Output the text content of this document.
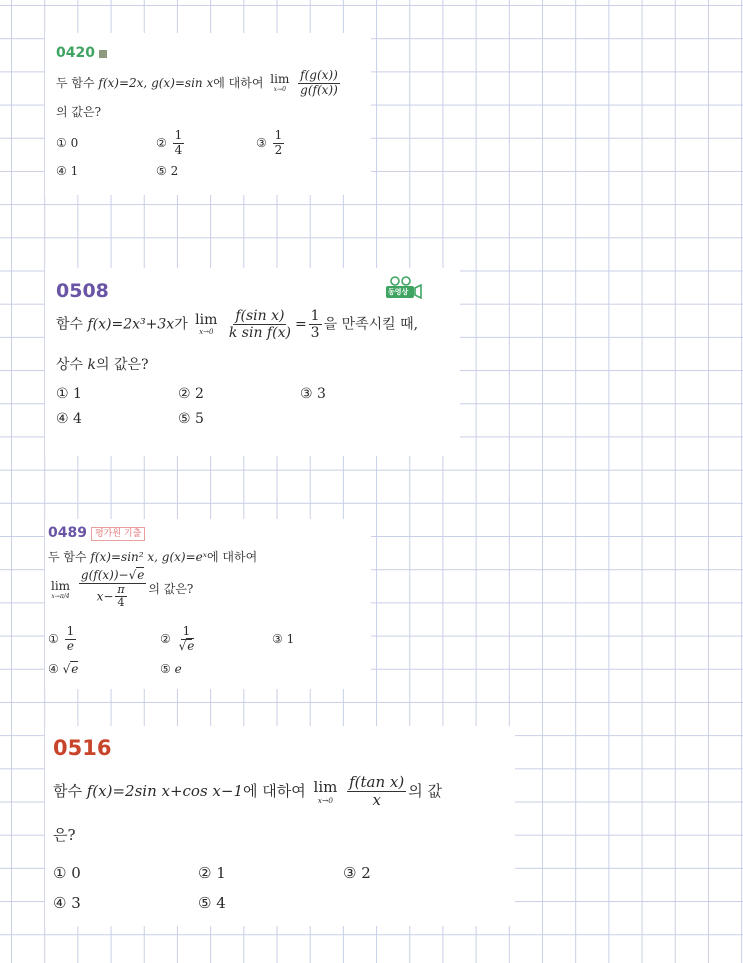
0420
두 함수 f(x)=2x, g(x)=sin x에 대하여 lim
x→0
$\frac{f(g(x))}{g(f(x))}$
의 값은?
① 0	② $\frac{1}{4}$	③ $\frac{1}{2}$
④ 1	⑤ 2
0508	동영상
함수 f(x)=2x³+3x가 lim
x→0
$\frac{\text{f(sin x)}}{\text{k sin f(x)}} = \frac{1}{3}$ 을 만족시킬 때,
상수 k의 값은?
① 1	② 2	③ 3
④ 4	⑤ 5
0489 평가원 기출
두 함수 f(x)=sin² x, g(x)=eˣ에 대하여
lim
x→π/4
$\frac{g(f(x))-√e}{x- \frac{\pi}{4}}$ 의 값은?
① $\frac{1}{e}$	② $\frac{1}{√e}$	③ 1
④ √e	⑤ e
0516
함수 f(x)=2sin x+cos x−1에 대하여 lim
x→0
$\frac{\text{f(tan x)}}{x}$ 의 값
은?
① 0	② 1	③ 2
④ 3	⑤ 4
